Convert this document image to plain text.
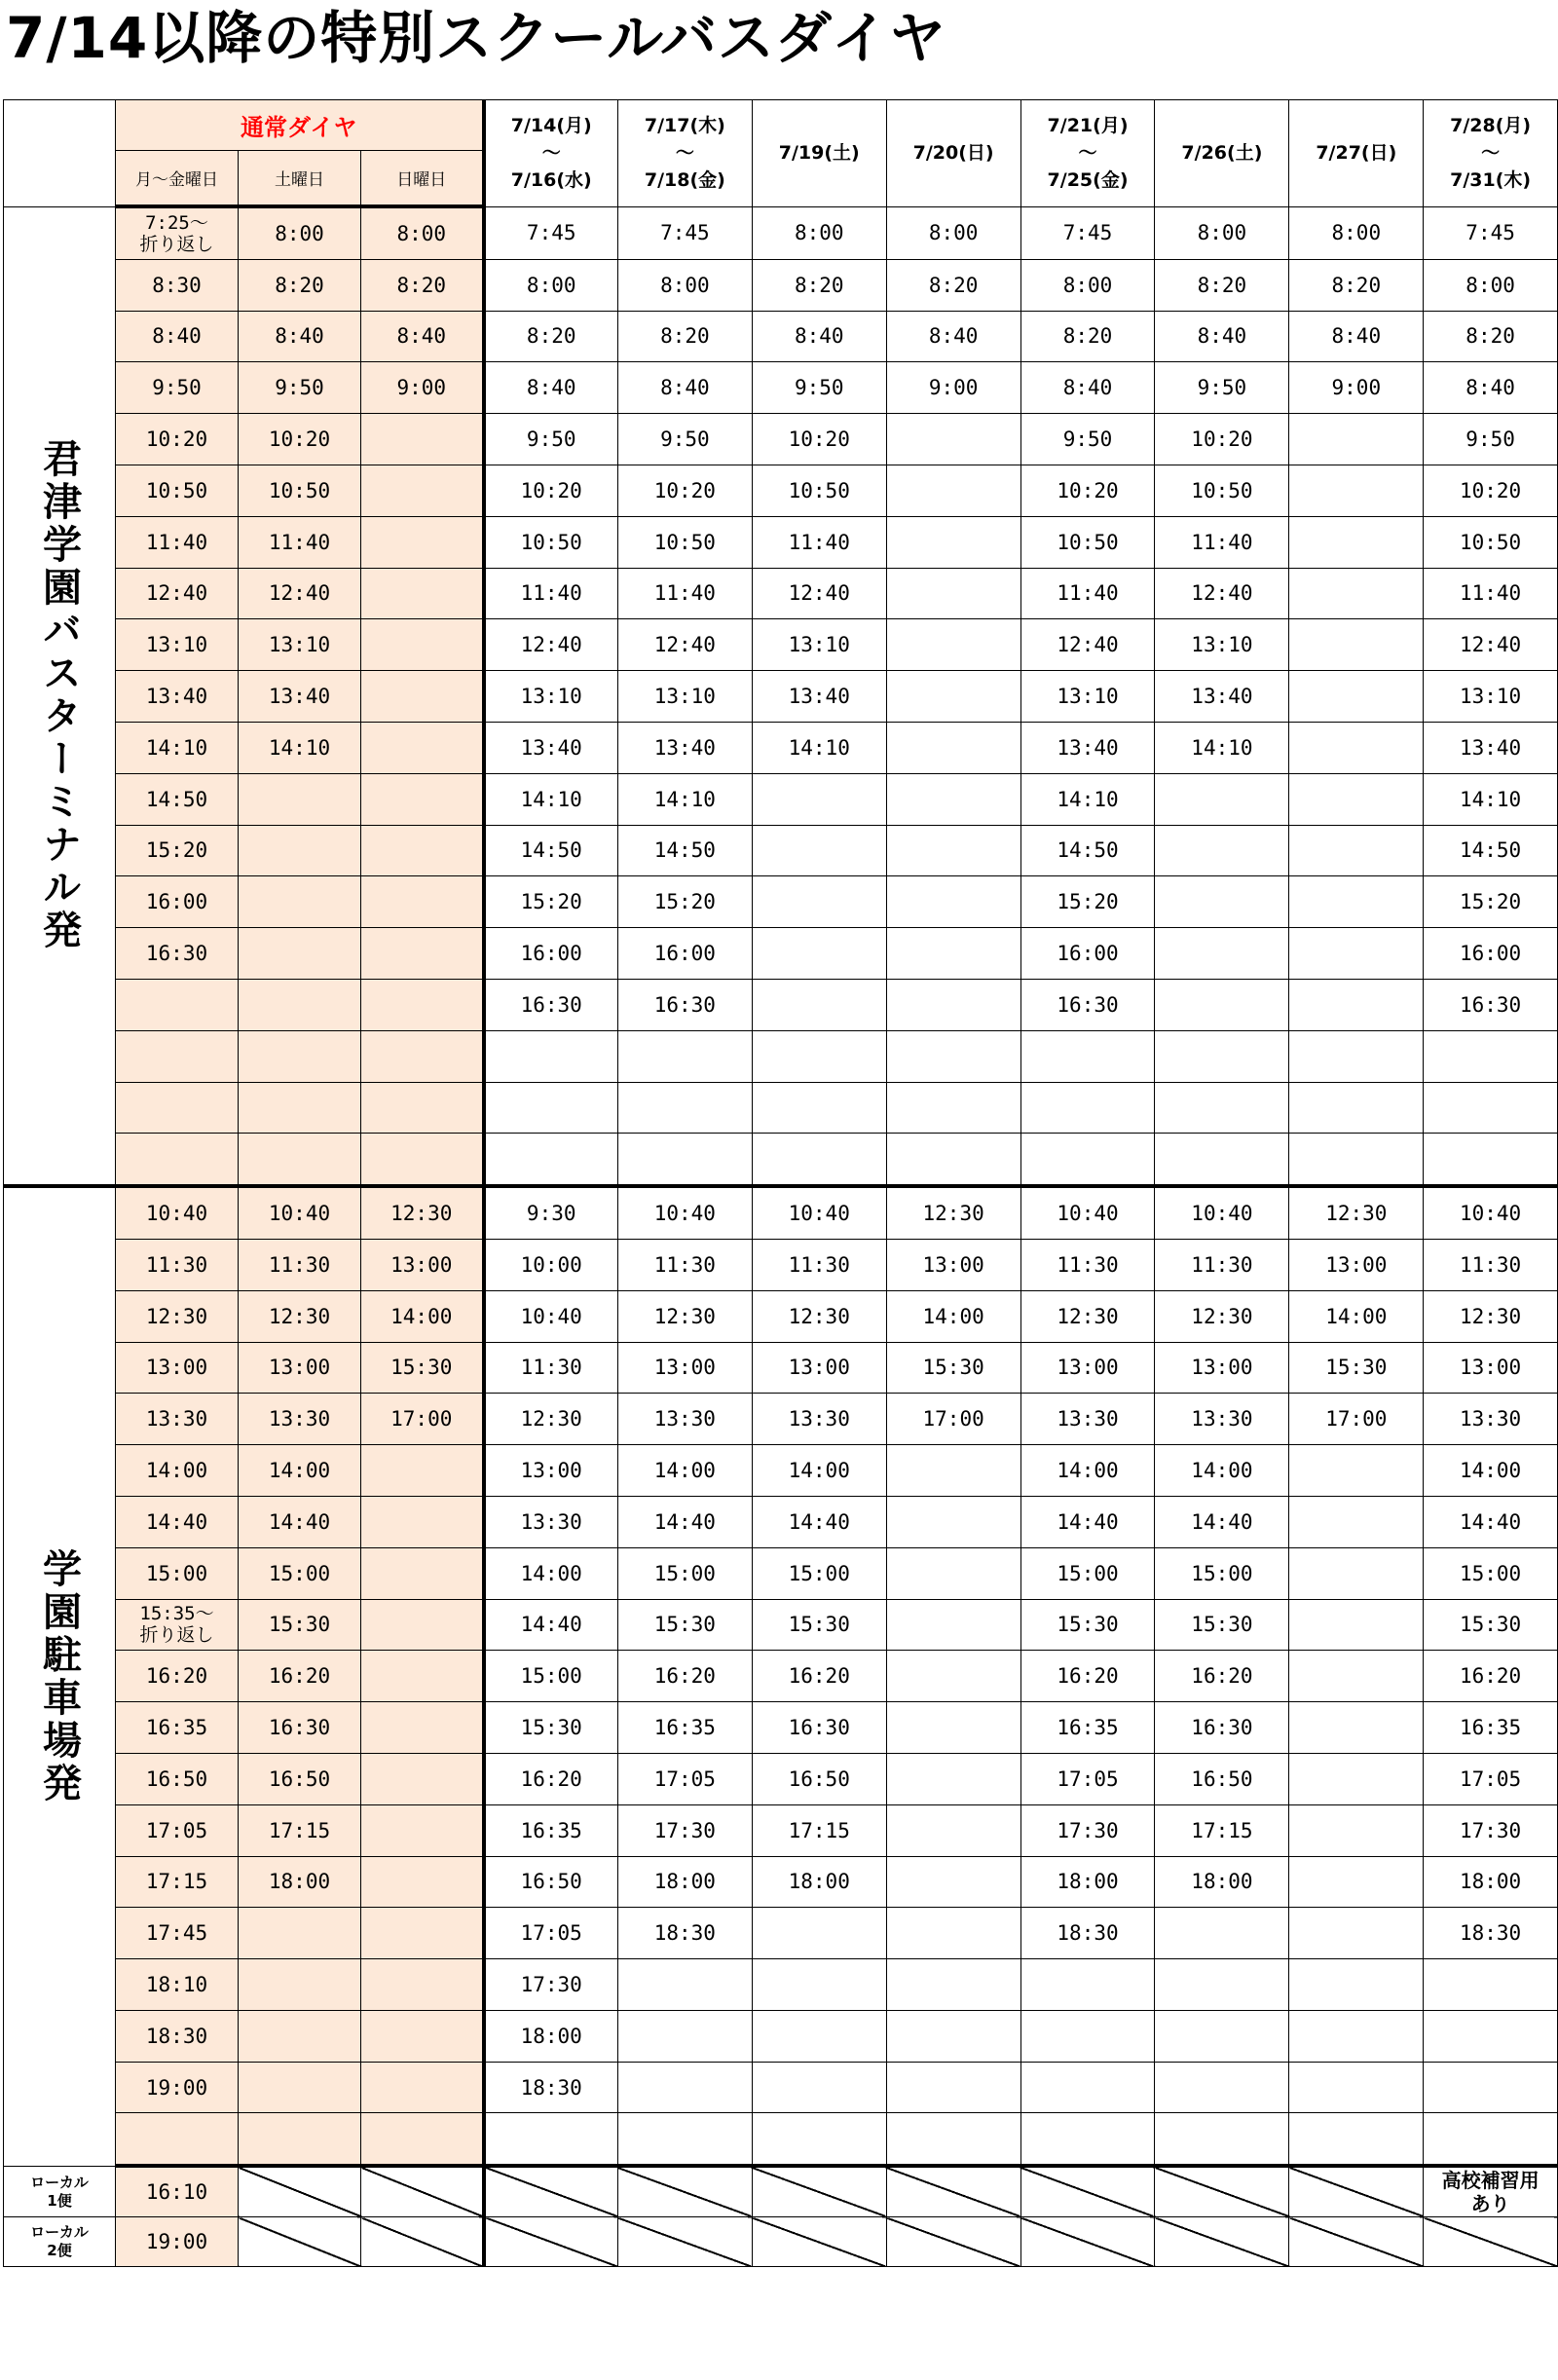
7/14以降の特別スクールバスダイヤ
	通常ダイヤ			7/14(月)
～
7/16(水)	7/17(木)
～
7/18(金)	7/19(土)	7/20(日)	7/21(月)
～
7/25(金)	7/26(土)	7/27(日)	7/28(月)
～
7/31(木)
	月～金曜日	土曜日	日曜日								

君津学園バスターミナル発	7:25～
折り返し	8:00	8:00	7:45	7:45	8:00	8:00	7:45	8:00	8:00	7:45
	8:30	8:20	8:20	8:00	8:00	8:20	8:20	8:00	8:20	8:20	8:00
	8:40	8:40	8:40	8:20	8:20	8:40	8:40	8:20	8:40	8:40	8:20
	9:50	9:50	9:00	8:40	8:40	9:50	9:00	8:40	9:50	9:00	8:40
	10:20	10:20		9:50	9:50	10:20		9:50	10:20		9:50
	10:50	10:50		10:20	10:20	10:50		10:20	10:50		10:20
	11:40	11:40		10:50	10:50	11:40		10:50	11:40		10:50
	12:40	12:40		11:40	11:40	12:40		11:40	12:40		11:40
	13:10	13:10		12:40	12:40	13:10		12:40	13:10		12:40
	13:40	13:40		13:10	13:10	13:40		13:10	13:40		13:10
	14:10	14:10		13:40	13:40	14:10		13:40	14:10		13:40
	14:50			14:10	14:10			14:10			14:10
	15:20			14:50	14:50			14:50			14:50
	16:00			15:20	15:20			15:20			15:20
	16:30			16:00	16:00			16:00			16:00
				16:30	16:30			16:30			16:30

学園駐車場発	10:40	10:40	12:30	9:30	10:40	10:40	12:30	10:40	10:40	12:30	10:40
	11:30	11:30	13:00	10:00	11:30	11:30	13:00	11:30	11:30	13:00	11:30
	12:30	12:30	14:00	10:40	12:30	12:30	14:00	12:30	12:30	14:00	12:30
	13:00	13:00	15:30	11:30	13:00	13:00	15:30	13:00	13:00	15:30	13:00
	13:30	13:30	17:00	12:30	13:30	13:30	17:00	13:30	13:30	17:00	13:30
	14:00	14:00		13:00	14:00	14:00		14:00	14:00		14:00
	14:40	14:40		13:30	14:40	14:40		14:40	14:40		14:40
	15:00	15:00		14:00	15:00	15:00		15:00	15:00		15:00
	15:35～
折り返し	15:30		14:40	15:30	15:30		15:30	15:30		15:30
	16:20	16:20		15:00	16:20	16:20		16:20	16:20		16:20
	16:35	16:30		15:30	16:35	16:30		16:35	16:30		16:35
	16:50	16:50		16:20	17:05	16:50		17:05	16:50		17:05
	17:05	17:15		16:35	17:30	17:15		17:30	17:15		17:30
	17:15	18:00		16:50	18:00	18:00		18:00	18:00		18:00
	17:45			17:05	18:30			18:30			18:30
	18:10			17:30							
	18:30			18:00							
	19:00			18:30							

ローカル
1便	16:10										高校補習用
あり
ローカル
2便	19:00										
